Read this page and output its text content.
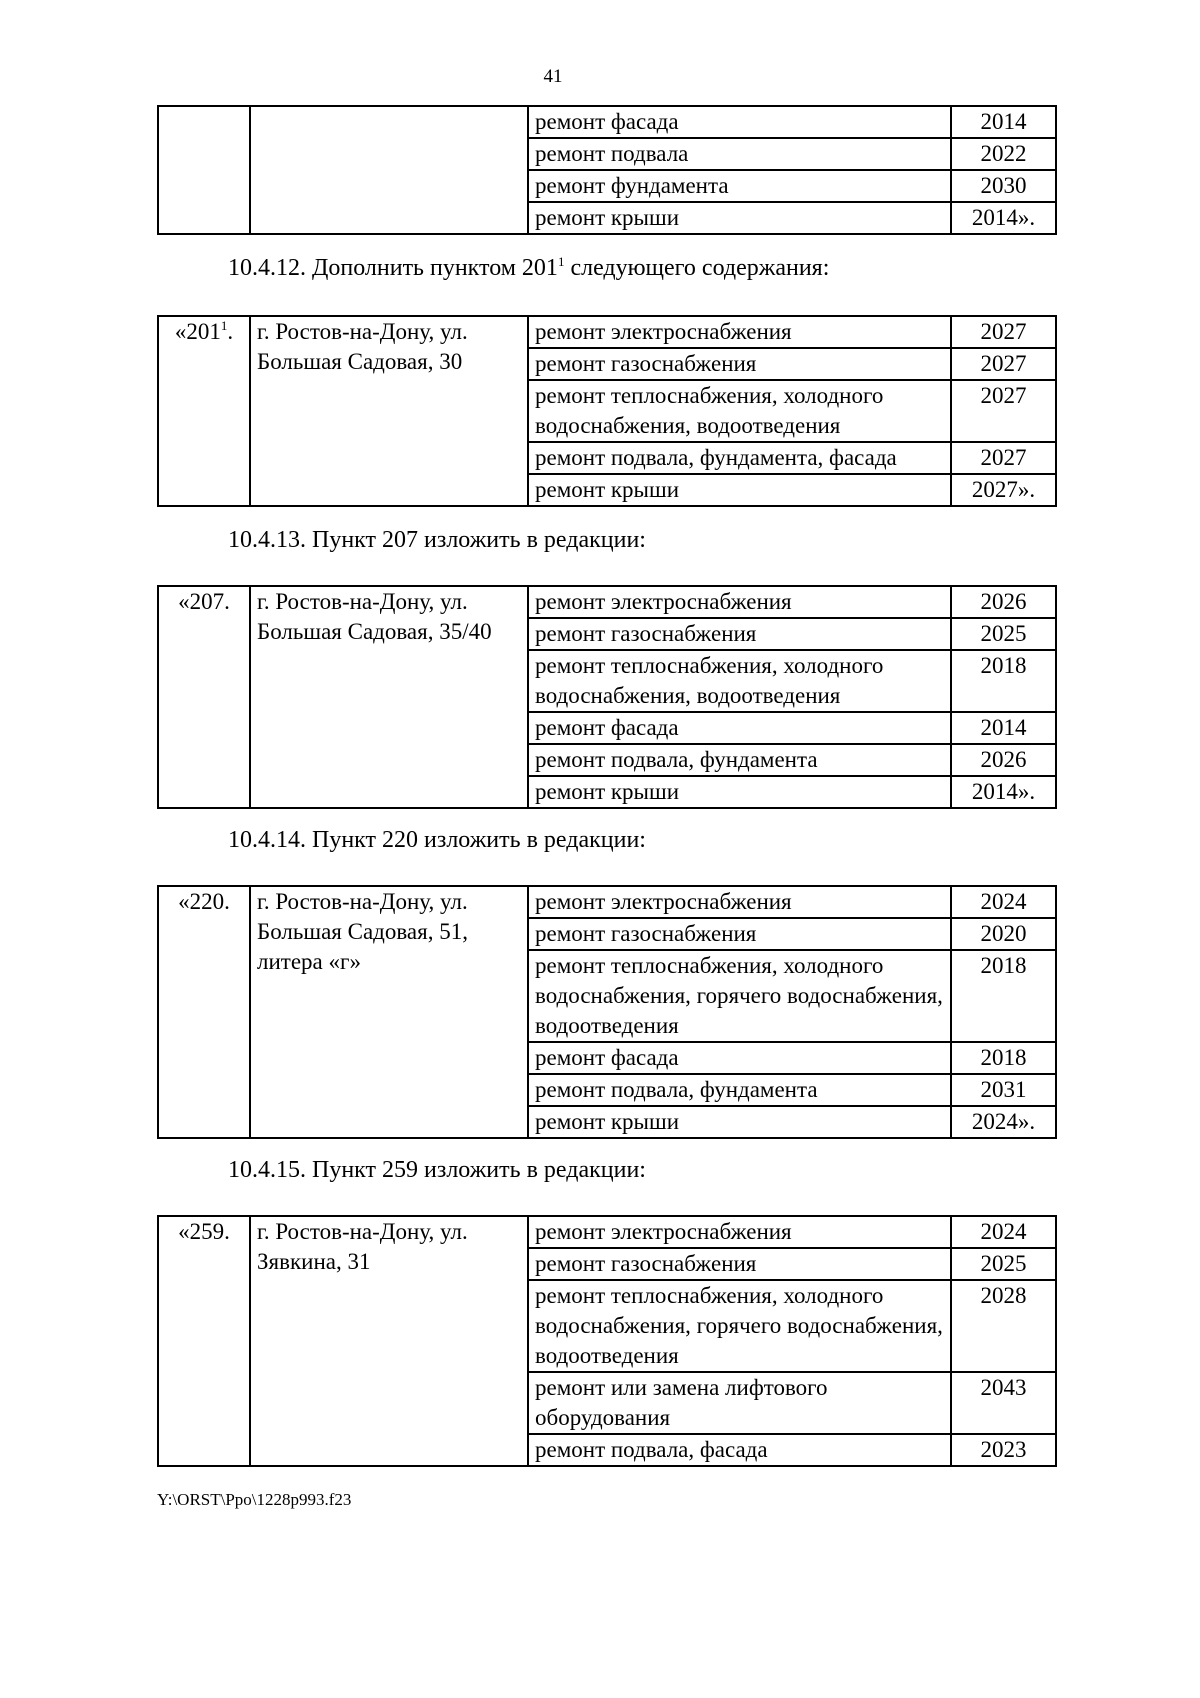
41
		ремонт фасада	2014
		ремонт подвала	2022
		ремонт фундамента	2030
		ремонт крыши	2014».
10.4.12. Дополнить пунктом $201^1$ следующего содержания:
«$201^1$.	г. Ростов-на-Дону, ул. Большая Садовая, 30	ремонт электроснабжения	2027
		ремонт газоснабжения	2027
		ремонт теплоснабжения, холодного водоснабжения, водоотведения	2027
		ремонт подвала, фундамента, фасада	2027
		ремонт крыши	2027».
10.4.13. Пункт 207 изложить в редакции:
«207.	г. Ростов-на-Дону, ул. Большая Садовая, 35/40	ремонт электроснабжения	2026
		ремонт газоснабжения	2025
		ремонт теплоснабжения, холодного водоснабжения, водоотведения	2018
		ремонт фасада	2014
		ремонт подвала, фундамента	2026
		ремонт крыши	2014».
10.4.14. Пункт 220 изложить в редакции:
«220.	г. Ростов-на-Дону, ул. Большая Садовая, 51, литера «г»	ремонт электроснабжения	2024
		ремонт газоснабжения	2020
		ремонт теплоснабжения, холодного водоснабжения, горячего водоснабжения, водоотведения	2018
		ремонт фасада	2018
		ремонт подвала, фундамента	2031
		ремонт крыши	2024».
10.4.15. Пункт 259 изложить в редакции:
«259.	г. Ростов-на-Дону, ул. Зявкина, 31	ремонт электроснабжения	2024
		ремонт газоснабжения	2025
		ремонт теплоснабжения, холодного водоснабжения, горячего водоснабжения, водоотведения	2028
		ремонт или замена лифтового оборудования	2043
		ремонт подвала, фасада	2023
Y:\ORST\Ppo\1228p993.f23
